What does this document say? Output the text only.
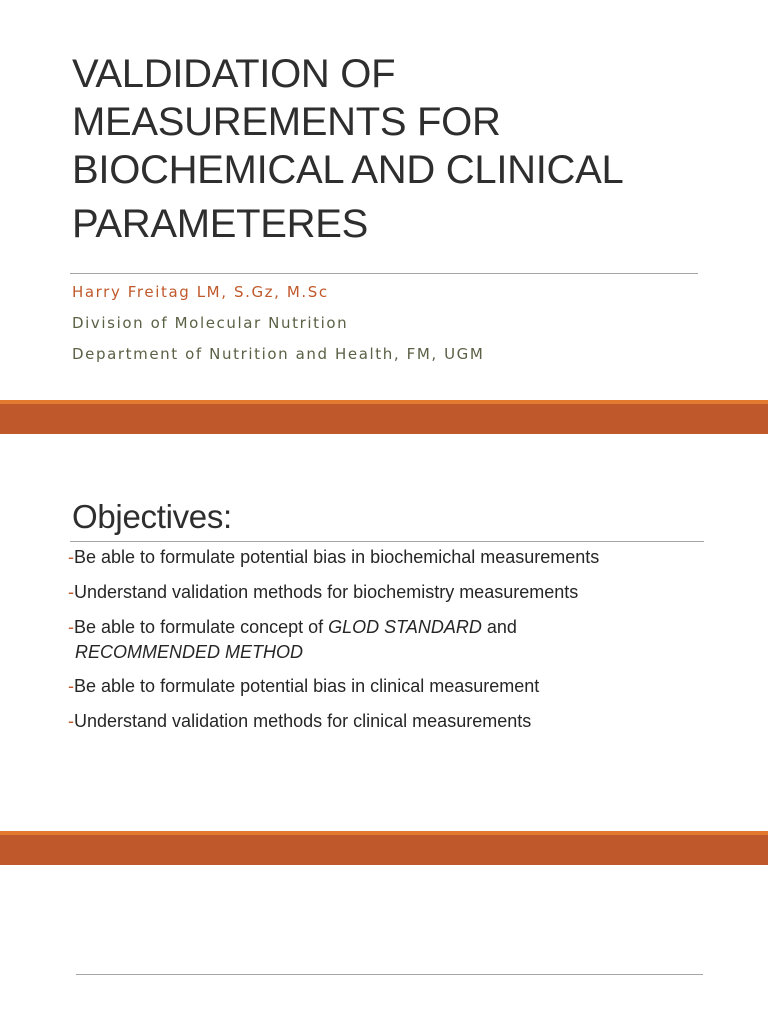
VALDIDATION OF
MEASUREMENTS FOR
BIOCHEMICAL AND CLINICAL
PARAMETERES
Harry Freitag LM, S.Gz, M.Sc
Division of Molecular Nutrition
Department of Nutrition and Health, FM, UGM
Objectives:
-Be able to formulate potential bias in biochemichal measurements
-Understand validation methods for biochemistry measurements
-Be able to formulate concept of GLOD STANDARD and
RECOMMENDED METHOD
-Be able to formulate potential bias in clinical measurement
-Understand validation methods for clinical measurements
